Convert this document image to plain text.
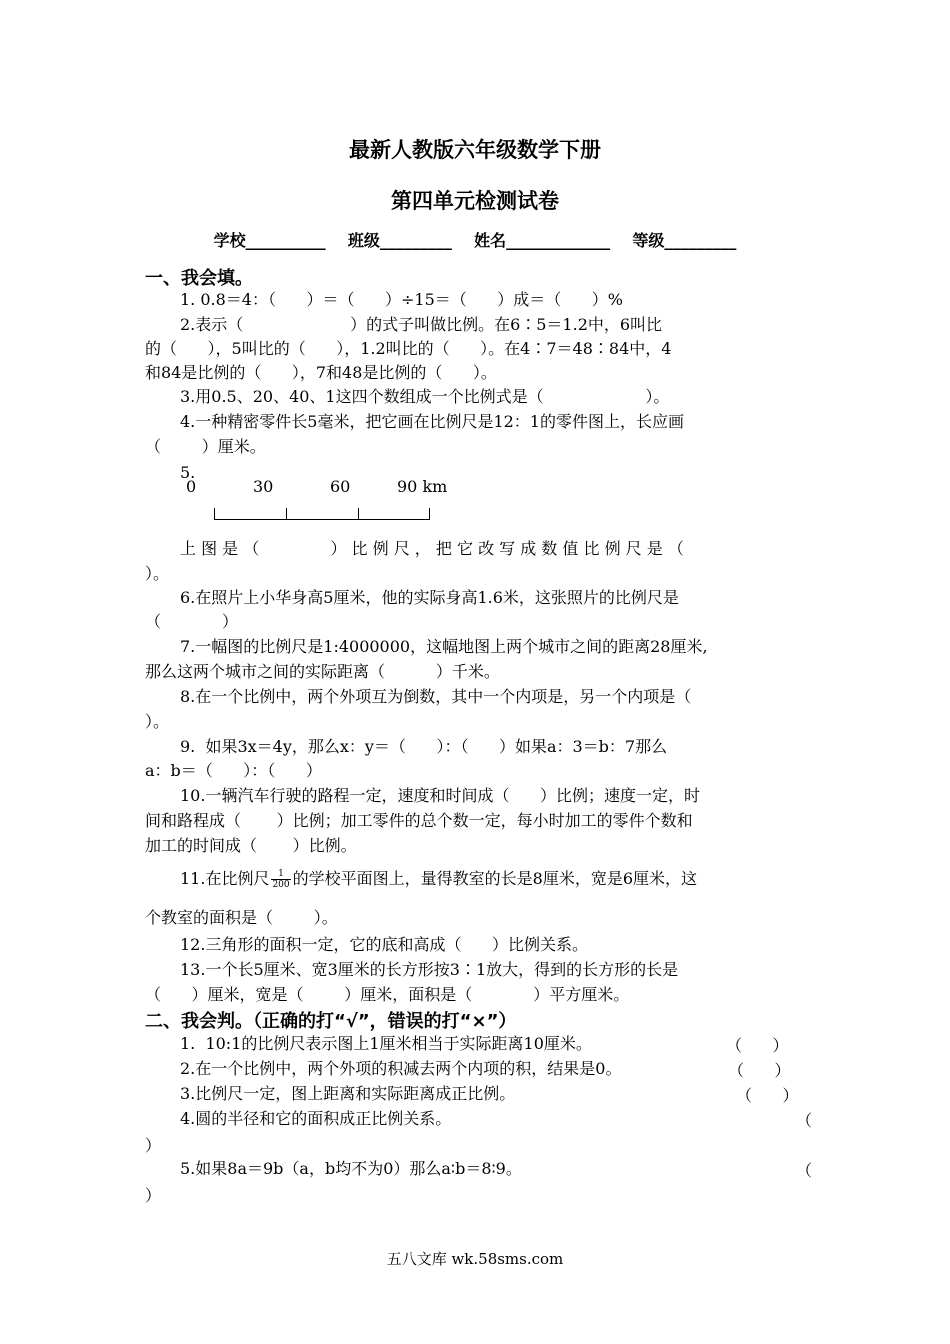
最新人教版六年级数学下册
第四单元检测试卷
学校__________    班级_________    姓名_____________    等级_________
一、我会填。
1. 0.8＝4：（      ）＝（      ）÷15＝（      ）成＝（      ）%
2.表示（                     ）的式子叫做比例。在6∶5＝1.2中，6叫比
的（      ），5叫比的（      ），1.2叫比的（      ）。在4∶7＝48∶84中，4
和84是比例的（      ），7和48是比例的（      ）。
3.用0.5、20、40、1这四个数组成一个比例式是（                    ）。
4.一种精密零件长5毫米，把它画在比例尺是12：1的零件图上，长应画
（        ）厘米。
5.
0	30	60	90 km
上 图 是 （              ） 比 例 尺 ， 把 它 改 写 成 数 值 比 例 尺 是 （
）。
6.在照片上小华身高5厘米，他的实际身高1.6米，这张照片的比例尺是
（            ）
7.一幅图的比例尺是1:4000000，这幅地图上两个城市之间的距离28厘米,
那么这两个城市之间的实际距离（          ）千米。
8.在一个比例中，两个外项互为倒数，其中一个内项是，另一个内项是（
）。
9.  如果3x＝4y，那么x：y＝（      ）：（      ）如果a：3＝b：7那么
a：b＝（      ）：（      ）
10.一辆汽车行驶的路程一定，速度和时间成（      ）比例；速度一定，时
间和路程成（       ）比例；加工零件的总个数一定，每小时加工的零件个数和
加工的时间成（       ）比例。
11.在比例尺 $\frac{1}{200}$ 的学校平面图上，量得教室的长是8厘米，宽是6厘米，这
个教室的面积是（        ）。
12.三角形的面积一定，它的底和高成（      ）比例关系。
13.一个长5厘米、宽3厘米的长方形按3∶1放大，得到的长方形的长是
（      ）厘米，宽是（        ）厘米，面积是（            ）平方厘米。
二、我会判。（正确的打“√”，错误的打“×”）
1.  10:1的比例尺表示图上1厘米相当于实际距离10厘米。	（      ）
2.在一个比例中，两个外项的积减去两个内项的积，结果是0。	（      ）
3.比例尺一定，图上距离和实际距离成正比例。	（      ）
4.圆的半径和它的面积成正比例关系。	（
）
5.如果8a＝9b（a，b均不为0）那么a∶b＝8∶9。	（
）
五八文库 wk.58sms.com
